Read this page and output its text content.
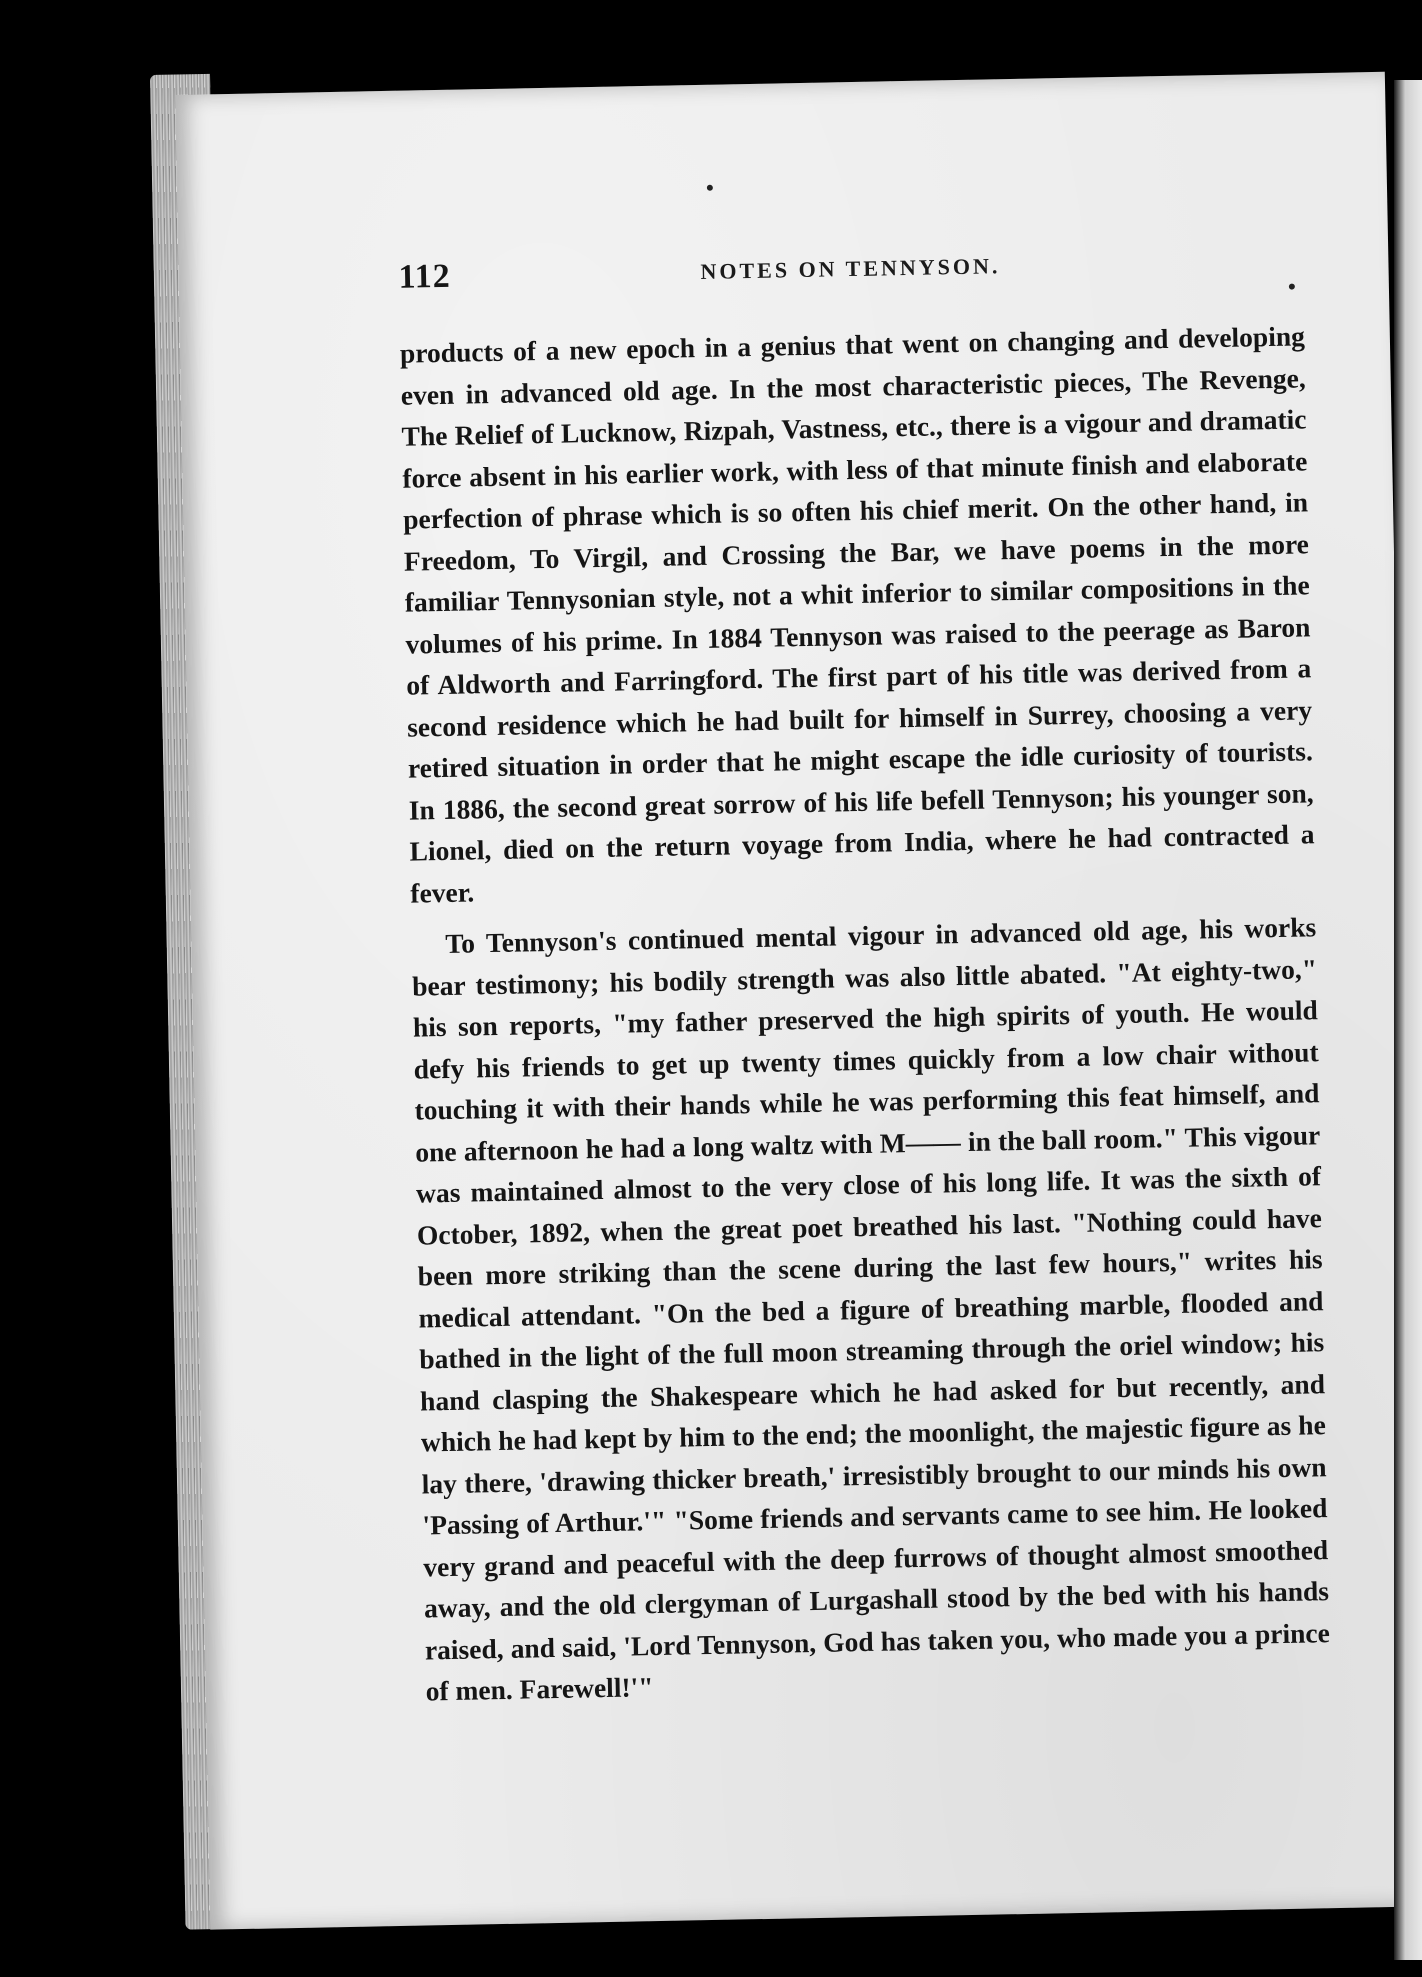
112	NOTES ON TENNYSON.

products of a new epoch in a genius that went on changing and developing even in advanced old age. In the most characteristic pieces, The Revenge, The Relief of Lucknow, Rizpah, Vastness, etc., there is a vigour and dramatic force absent in his earlier work, with less of that minute finish and elaborate perfection of phrase which is so often his chief merit. On the other hand, in Freedom, To Virgil, and Crossing the Bar, we have poems in the more familiar Tennysonian style, not a whit inferior to similar compositions in the volumes of his prime. In 1884 Tennyson was raised to the peerage as Baron of Aldworth and Farringford. The first part of his title was derived from a second residence which he had built for himself in Surrey, choosing a very retired situation in order that he might escape the idle curiosity of tourists. In 1886, the second great sorrow of his life befell Tennyson; his younger son, Lionel, died on the return voyage from India, where he had contracted a fever.

To Tennyson's continued mental vigour in advanced old age, his works bear testimony; his bodily strength was also little abated. "At eighty-two," his son reports, "my father preserved the high spirits of youth. He would defy his friends to get up twenty times quickly from a low chair without touching it with their hands while he was performing this feat himself, and one afternoon he had a long waltz with M—— in the ball room." This vigour was maintained almost to the very close of his long life. It was the sixth of October, 1892, when the great poet breathed his last. "Nothing could have been more striking than the scene during the last few hours," writes his medical attendant. "On the bed a figure of breathing marble, flooded and bathed in the light of the full moon streaming through the oriel window; his hand clasping the Shakespeare which he had asked for but recently, and which he had kept by him to the end; the moonlight, the majestic figure as he lay there, 'drawing thicker breath,' irresistibly brought to our minds his own 'Passing of Arthur.'" "Some friends and servants came to see him. He looked very grand and peaceful with the deep furrows of thought almost smoothed away, and the old clergyman of Lurgashall stood by the bed with his hands raised, and said, 'Lord Tennyson, God has taken you, who made you a prince of men. Farewell!'"
